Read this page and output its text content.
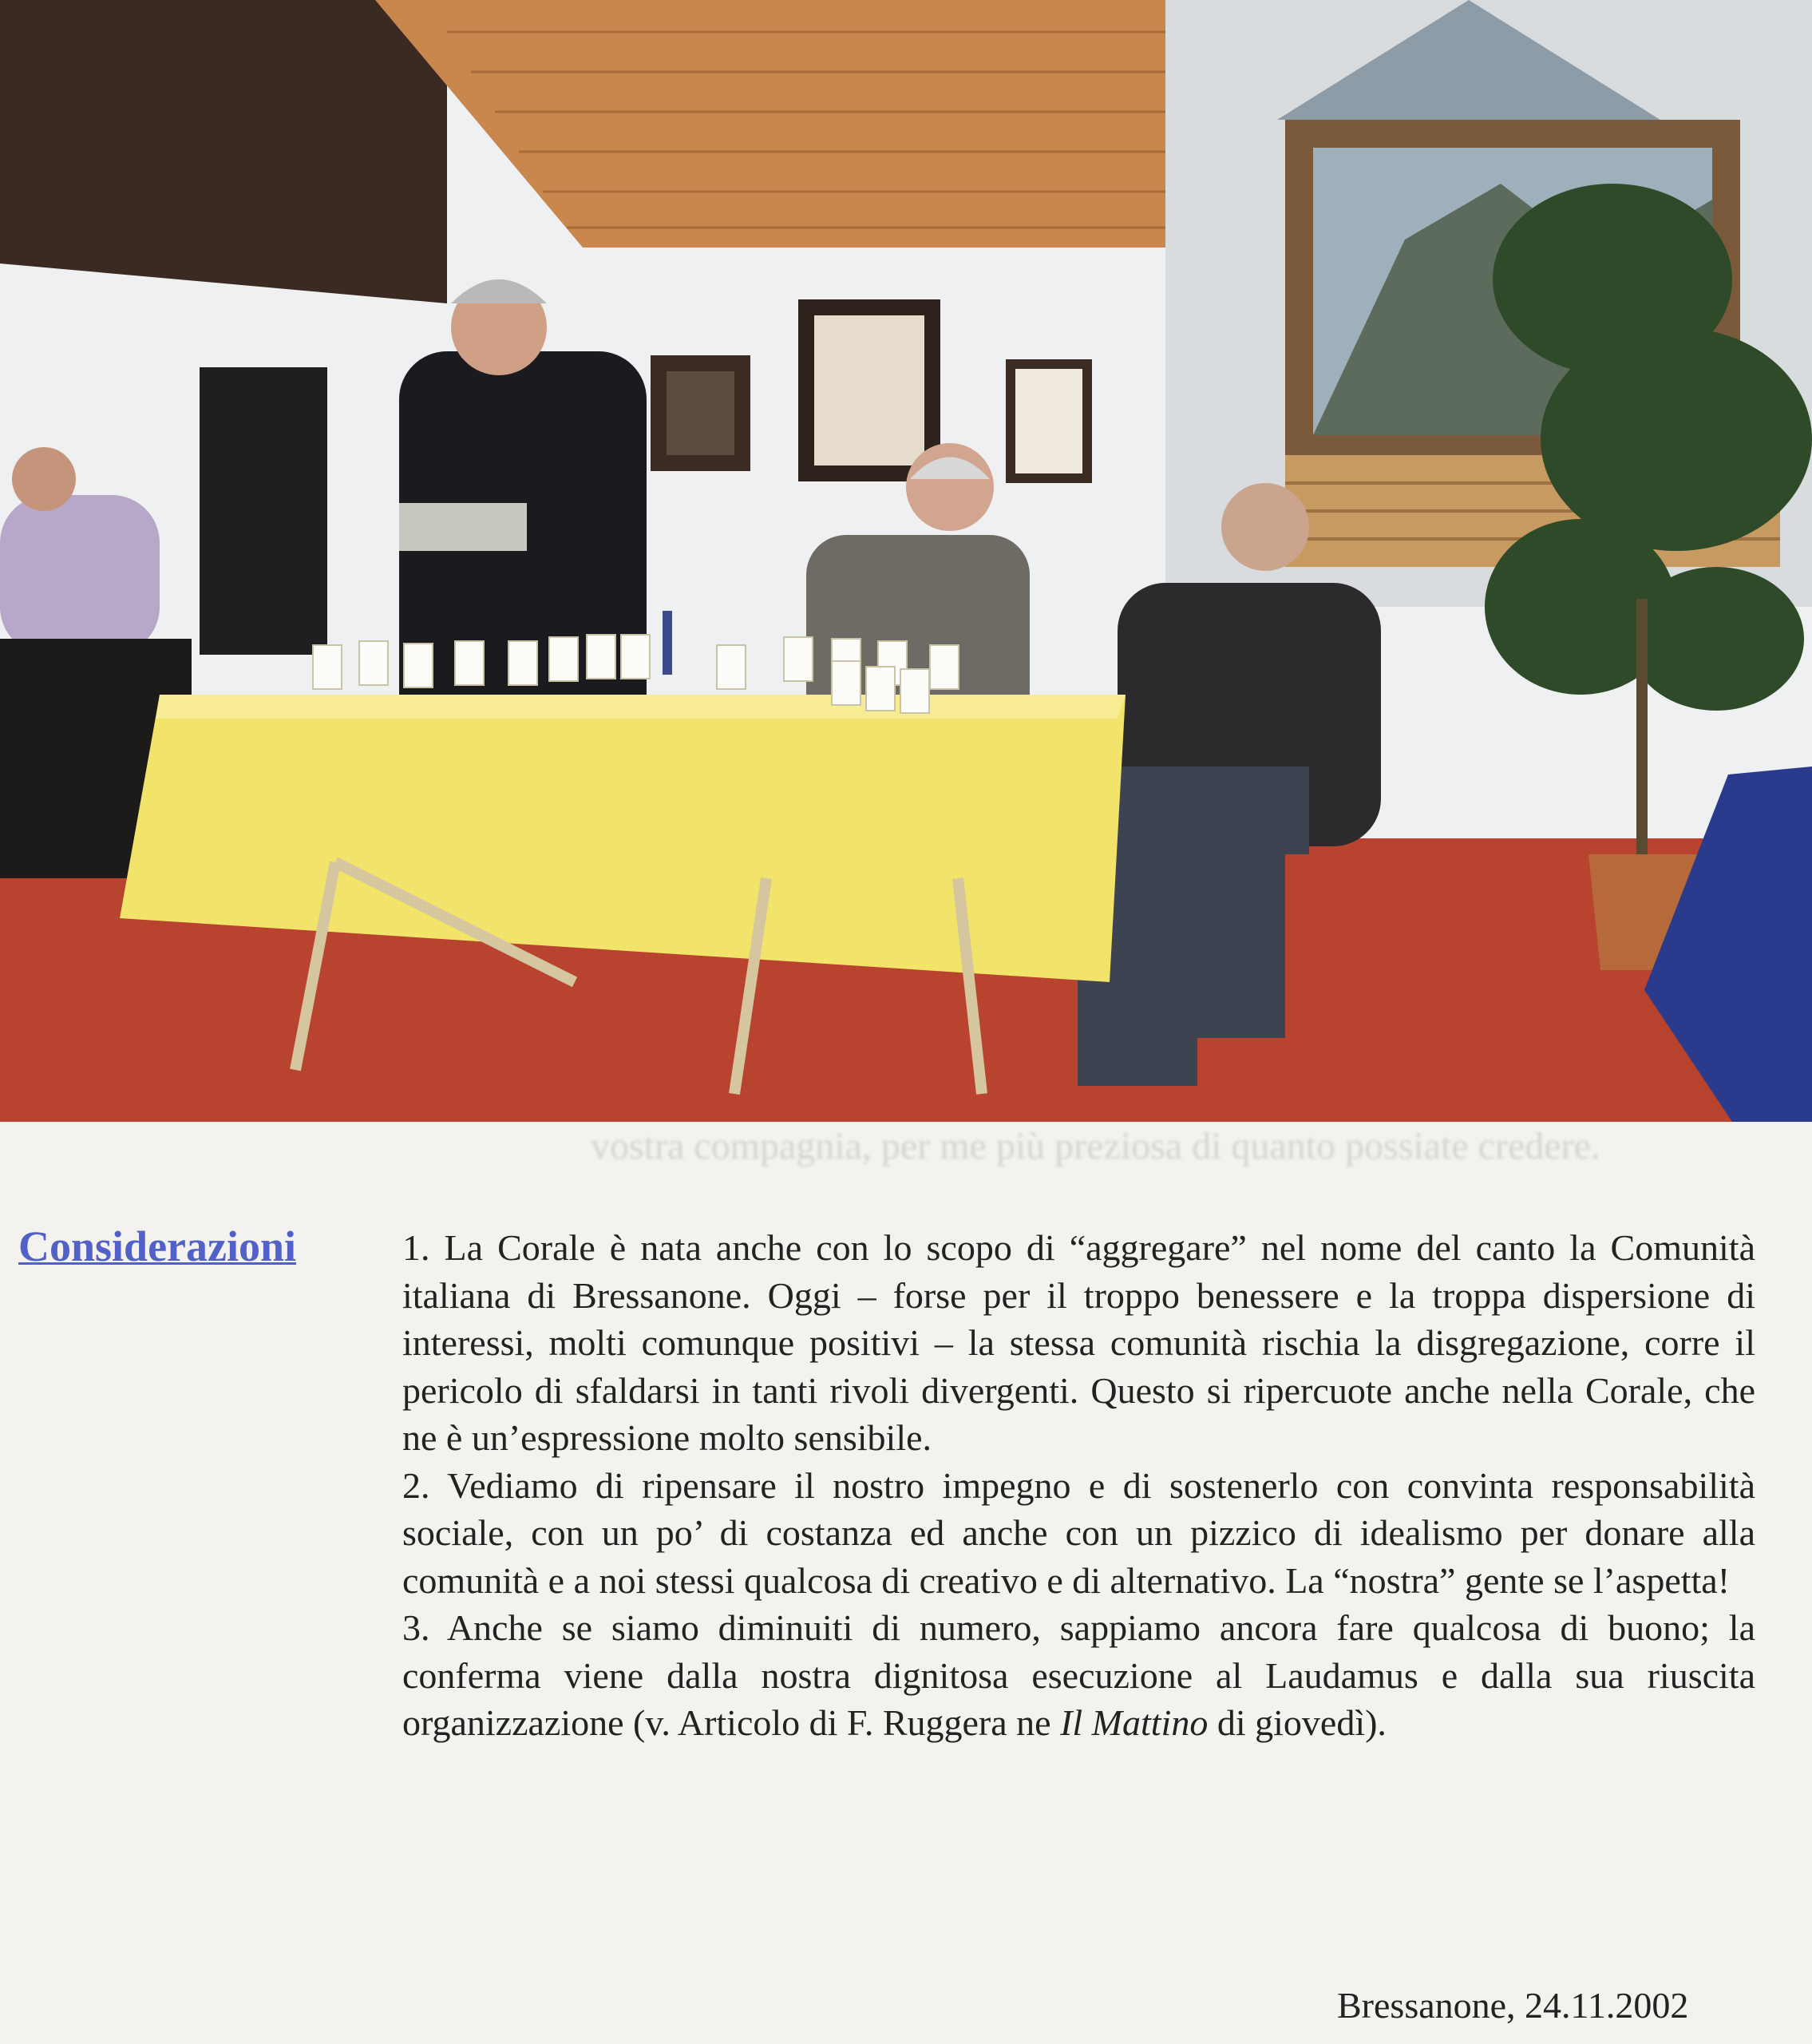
vostra compagnia, per me più preziosa di quanto possiate credere.
Considerazioni	1. La Corale è nata anche con lo scopo di “aggregare” nel nome del canto la Comunità italiana di Bressanone. Oggi – forse per il troppo benessere e la troppa dispersione di interessi, molti comunque positivi – la stessa comunità rischia la disgregazione, corre il pericolo di sfaldarsi in tanti rivoli divergenti. Questo si ripercuote anche nella Corale, che ne è un’espressione molto sensibile.

2. Vediamo di ripensare il nostro impegno e di sostenerlo con convinta responsabilità sociale, con un po’ di costanza ed anche con un pizzico di idealismo per donare alla comunità e a noi stessi qualcosa di creativo e di alternativo. La “nostra” gente se l’aspetta!

3. Anche se siamo diminuiti di numero, sappiamo ancora fare qualcosa di buono; la conferma viene dalla nostra dignitosa esecuzione al Laudamus e dalla sua riuscita organizzazione (v. Articolo di F. Ruggera ne Il Mattino di giovedì).

Bressanone, 24.11.2002
